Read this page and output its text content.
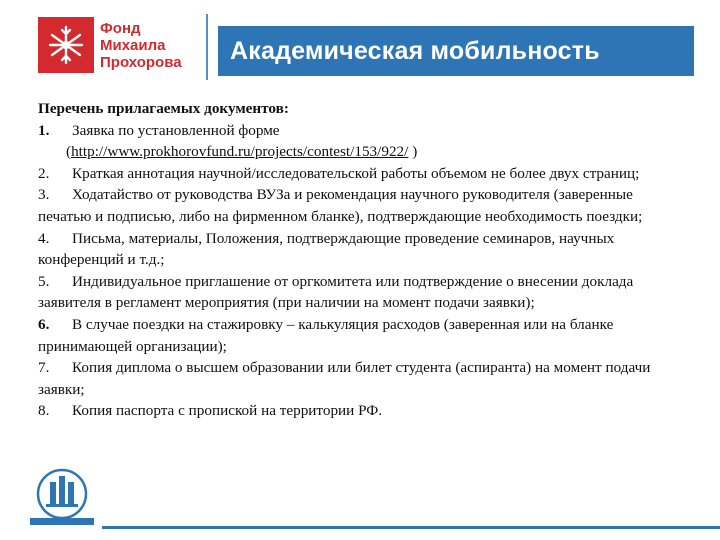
Фонд
Михаила
Прохорова Академическая мобильность
Перечень прилагаемых документов:
1. Заявка по установленной форме
(http://www.prokhorovfund.ru/projects/contest/153/922/ )
2. Краткая аннотация научной/исследовательской работы объемом не более двух страниц;
3. Ходатайство от руководства ВУЗа и рекомендация научного руководителя (заверенные печатью и подписью, либо на фирменном бланке), подтверждающие необходимость поездки;
4. Письма, материалы, Положения, подтверждающие проведение семинаров, научных конференций и т.д.;
5. Индивидуальное приглашение от оргкомитета или подтверждение о внесении доклада заявителя в регламент мероприятия (при наличии на момент подачи заявки);
6. В случае поездки на стажировку – калькуляция расходов (заверенная или на бланке принимающей организации);
7. Копия диплома о высшем образовании или билет студента (аспиранта) на момент подачи заявки;
8. Копия паспорта с пропиской на территории РФ.
